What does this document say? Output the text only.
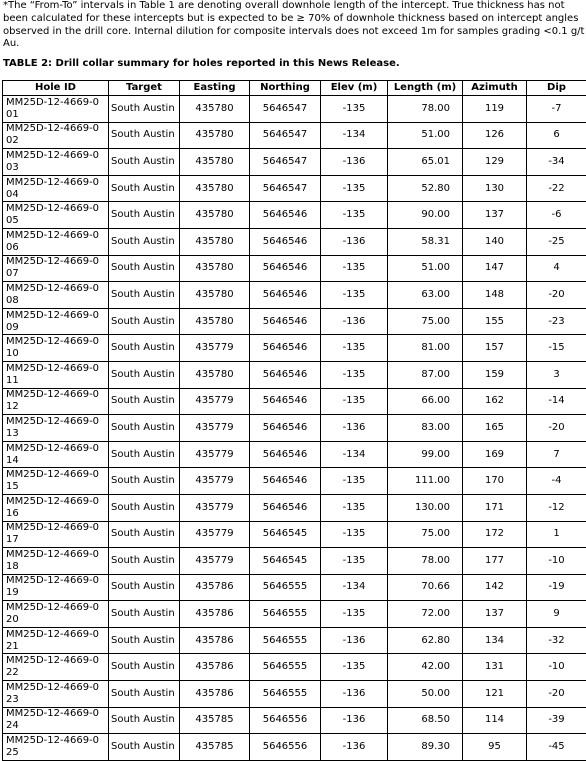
*The “From-To” intervals in Table 1 are denoting overall downhole length of the intercept. True thickness has not been calculated for these intercepts but is expected to be ≥ 70% of downhole thickness based on intercept angles observed in the drill core. Internal dilution for composite intervals does not exceed 1m for samples grading <0.1 g/t Au.

TABLE 2: Drill collar summary for holes reported in this News Release.

Hole ID	Target	Easting	Northing	Elev (m)	Length (m)	Azimuth	Dip
MM25D-12-4669-001	South Austin	435780	5646547	-135	78.00	119	-7
MM25D-12-4669-002	South Austin	435780	5646547	-134	51.00	126	6
MM25D-12-4669-003	South Austin	435780	5646547	-136	65.01	129	-34
MM25D-12-4669-004	South Austin	435780	5646547	-135	52.80	130	-22
MM25D-12-4669-005	South Austin	435780	5646546	-135	90.00	137	-6
MM25D-12-4669-006	South Austin	435780	5646546	-136	58.31	140	-25
MM25D-12-4669-007	South Austin	435780	5646546	-135	51.00	147	4
MM25D-12-4669-008	South Austin	435780	5646546	-135	63.00	148	-20
MM25D-12-4669-009	South Austin	435780	5646546	-136	75.00	155	-23
MM25D-12-4669-010	South Austin	435779	5646546	-135	81.00	157	-15
MM25D-12-4669-011	South Austin	435780	5646546	-135	87.00	159	3
MM25D-12-4669-012	South Austin	435779	5646546	-135	66.00	162	-14
MM25D-12-4669-013	South Austin	435779	5646546	-136	83.00	165	-20
MM25D-12-4669-014	South Austin	435779	5646546	-134	99.00	169	7
MM25D-12-4669-015	South Austin	435779	5646546	-135	111.00	170	-4
MM25D-12-4669-016	South Austin	435779	5646546	-135	130.00	171	-12
MM25D-12-4669-017	South Austin	435779	5646545	-135	75.00	172	1
MM25D-12-4669-018	South Austin	435779	5646545	-135	78.00	177	-10
MM25D-12-4669-019	South Austin	435786	5646555	-134	70.66	142	-19
MM25D-12-4669-020	South Austin	435786	5646555	-135	72.00	137	9
MM25D-12-4669-021	South Austin	435786	5646555	-136	62.80	134	-32
MM25D-12-4669-022	South Austin	435786	5646555	-135	42.00	131	-10
MM25D-12-4669-023	South Austin	435786	5646555	-136	50.00	121	-20
MM25D-12-4669-024	South Austin	435785	5646556	-136	68.50	114	-39
MM25D-12-4669-025	South Austin	435785	5646556	-136	89.30	95	-45
